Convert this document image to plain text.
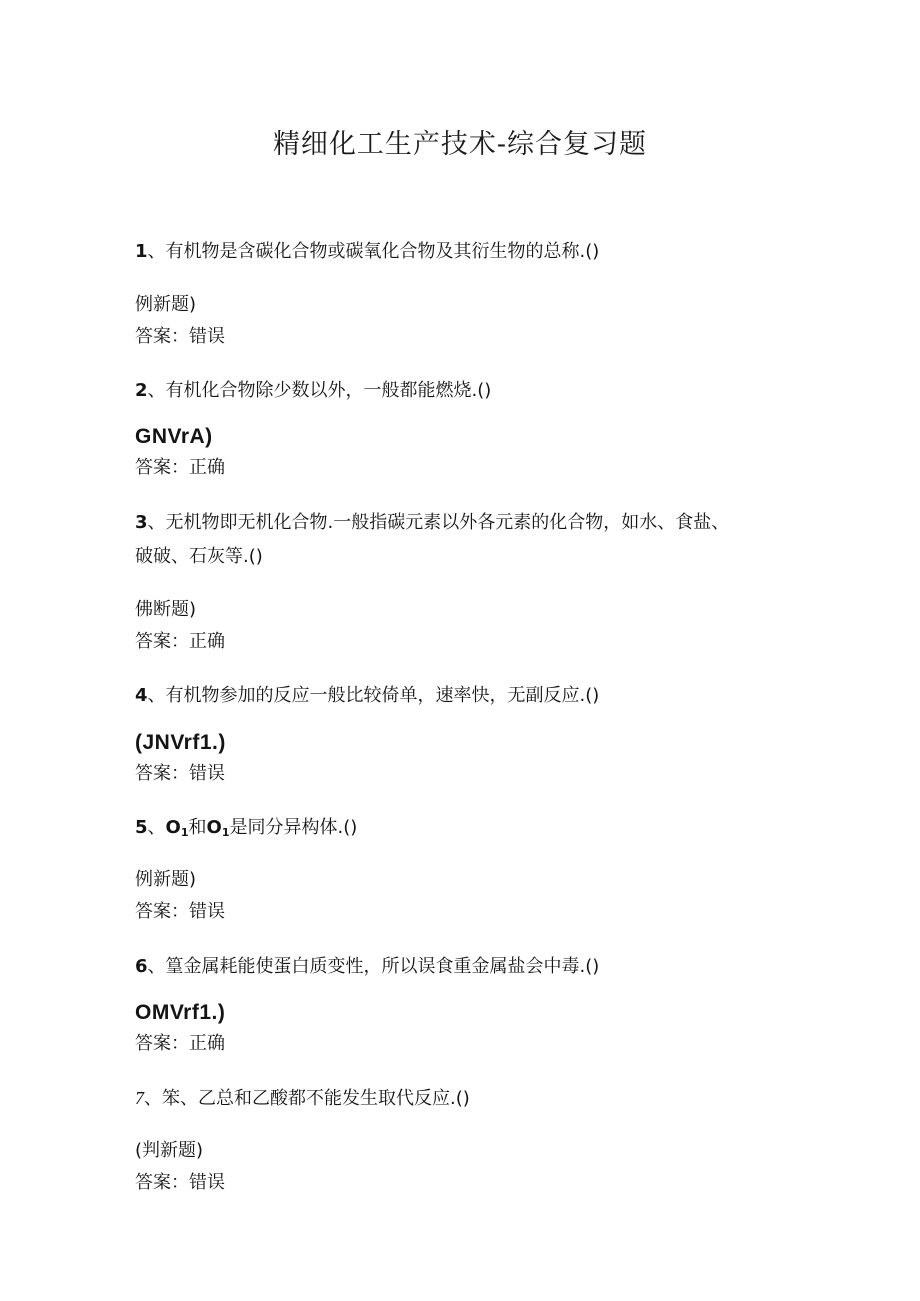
精细化工生产技术-综合复习题
1、有机物是含碳化合物或碳氧化合物及其衍生物的总称.()
例新题)
答案：错误
2、有机化合物除少数以外，一般都能燃烧.()
GNVrA)
答案：正确
3、无机物即无机化合物.一般指碳元素以外各元素的化合物，如水、食盐、
破破、石灰等.()
佛断题)
答案：正确
4、有机物参加的反应一般比较倚单，速率快，无副反应.()
(JNVrf1.)
答案：错误
5、$O_1$和$O_1$是同分异构体.()
例新题)
答案：错误
6、篁金属耗能使蛋白质变性，所以误食重金属盐会中毒.()
OMVrf1.)
答案：正确
7、笨、乙总和乙酸都不能发生取代反应.()
(判新题)
答案：错误
